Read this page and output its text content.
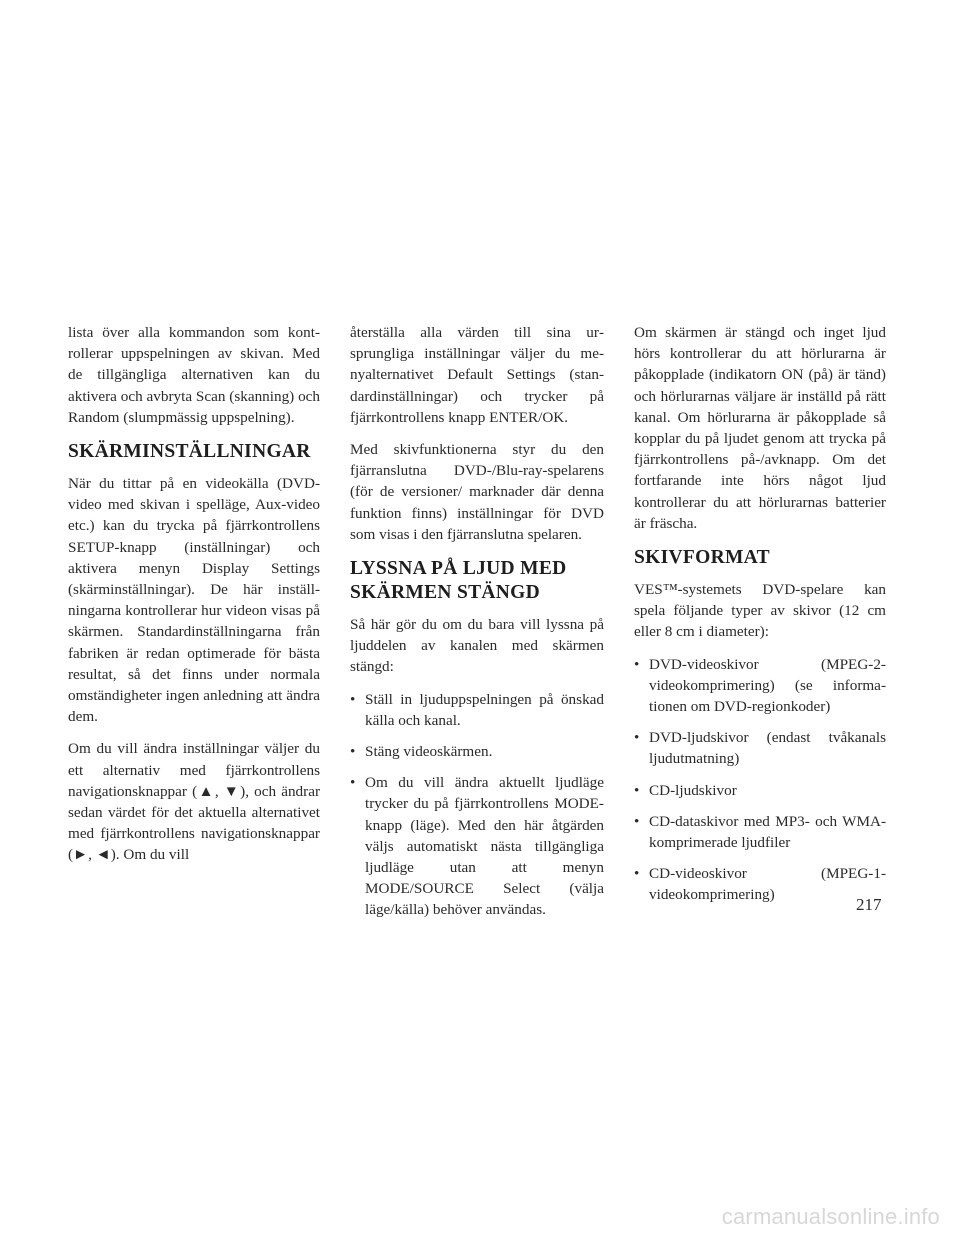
lista över alla kommandon som kontrollerar uppspelningen av skivan. Med de tillgängliga alternativen kan du aktivera och avbryta Scan (skanning) och Random (slumpmässig uppspelning).

SKÄRMINSTÄLLNINGAR

När du tittar på en videokälla (DVD-video med skivan i spelläge, Aux-video etc.) kan du trycka på fjärrkontrollens SETUP-knapp (inställningar) och aktivera menyn Display Settings (skärminställningar). De här inställningarna kontrollerar hur videon visas på skärmen. Standardinställningarna från fabriken är redan optimerade för bästa resultat, så det finns under normala omständigheter ingen anledning att ändra dem.

Om du vill ändra inställningar väljer du ett alternativ med fjärrkontrollens navigationsknappar (▲, ▼), och ändrar sedan värdet för det aktuella alternativet med fjärrkontrollens navigationsknappar (►, ◄). Om du vill

återställa alla värden till sina ursprungliga inställningar väljer du menyalternativet Default Settings (standardinställningar) och trycker på fjärrkontrollens knapp ENTER/OK.

Med skivfunktionerna styr du den fjärranslutna DVD-/Blu-ray-spelarens (för de versioner/ marknader där denna funktion finns) inställningar för DVD som visas i den fjärranslutna spelaren.

LYSSNA PÅ LJUD MED
SKÄRMEN STÄNGD

Så här gör du om du bara vill lyssna på ljuddelen av kanalen med skärmen stängd:

• Ställ in ljuduppspelningen på önskad källa och kanal.
• Stäng videoskärmen.
• Om du vill ändra aktuellt ljudläge trycker du på fjärrkontrollens MODE-knapp (läge). Med den här åtgärden väljs automatiskt nästa tillgängliga ljudläge utan att menyn MODE/SOURCE Select (välja läge/källa) behöver användas.

Om skärmen är stängd och inget ljud hörs kontrollerar du att hörlurarna är påkopplade (indikatorn ON (på) är tänd) och hörlurarnas väljare är inställd på rätt kanal. Om hörlurarna är påkopplade så kopplar du på ljudet genom att trycka på fjärrkontrollens på-/avknapp. Om det fortfarande inte hörs något ljud kontrollerar du att hörlurarnas batterier är fräscha.

SKIVFORMAT

VES™-systemets DVD-spelare kan spela följande typer av skivor (12 cm eller 8 cm i diameter):

• DVD-videoskivor (MPEG-2-videokomprimering) (se informationen om DVD-regionkoder)
• DVD-ljudskivor (endast tvåkanals ljudutmatning)
• CD-ljudskivor
• CD-dataskivor med MP3- och WMA-komprimerade ljudfiler
• CD-videoskivor (MPEG-1-videokomprimering)
217
carmanualsonline.info
